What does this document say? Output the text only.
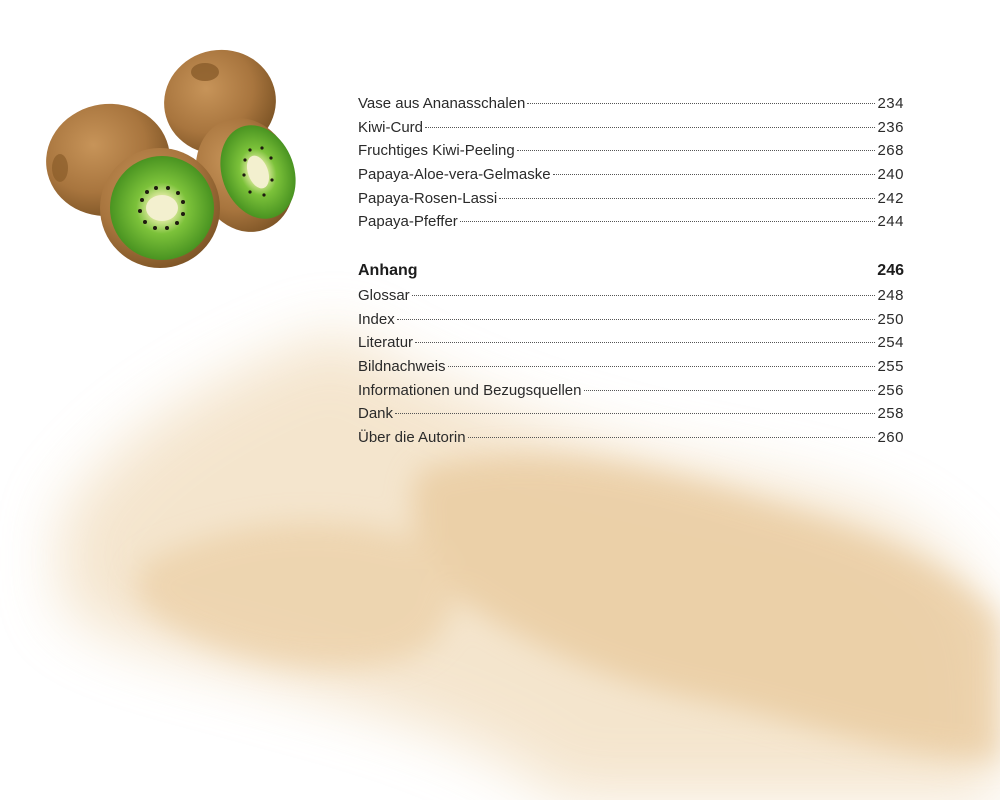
Vase aus Ananasschalen	234
Kiwi-Curd	236
Fruchtiges Kiwi-Peeling	268
Papaya-Aloe-vera-Gelmaske	240
Papaya-Rosen-Lassi	242
Papaya-Pfeffer	244
Anhang	246
Glossar	248
Index	250
Literatur	254
Bildnachweis	255
Informationen und Bezugsquellen	256
Dank	258
Über die Autorin	260
